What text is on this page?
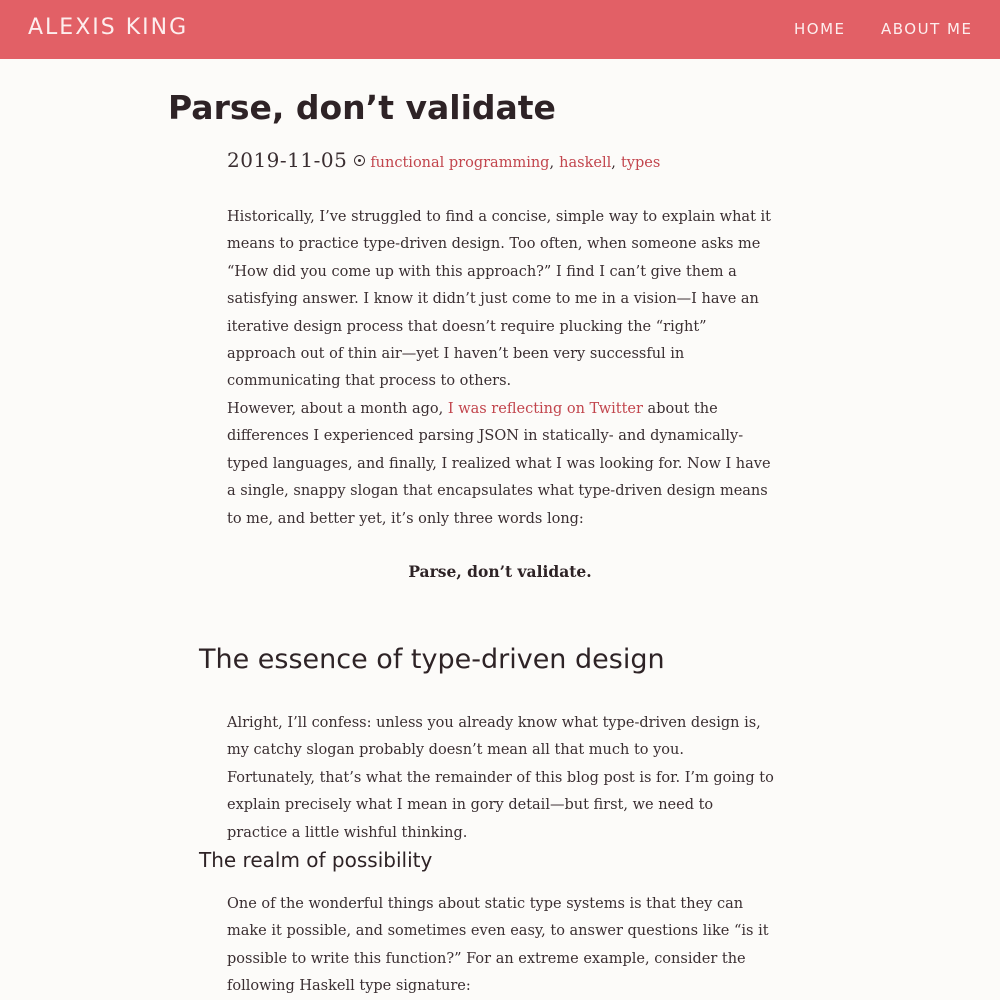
ALEXIS KING	HOME ABOUT ME
Parse, don’t validate
2019-11-05 functional programming, haskell, types

Historically, I’ve struggled to find a concise, simple way to explain what it means to practice type-driven design. Too often, when someone asks me “How did you come up with this approach?” I find I can’t give them a satisfying answer. I know it didn’t just come to me in a vision—I have an iterative design process that doesn’t require plucking the “right” approach out of thin air—yet I haven’t been very successful in communicating that process to others.

However, about a month ago, I was reflecting on Twitter about the differences I experienced parsing JSON in statically- and dynamically-typed languages, and finally, I realized what I was looking for. Now I have a single, snappy slogan that encapsulates what type-driven design means to me, and better yet, it’s only three words long:

Parse, don’t validate.

The essence of type-driven design

Alright, I’ll confess: unless you already know what type-driven design is, my catchy slogan probably doesn’t mean all that much to you. Fortunately, that’s what the remainder of this blog post is for. I’m going to explain precisely what I mean in gory detail—but first, we need to practice a little wishful thinking.

The realm of possibility

One of the wonderful things about static type systems is that they can make it possible, and sometimes even easy, to answer questions like “is it possible to write this function?” For an extreme example, consider the following Haskell type signature:
